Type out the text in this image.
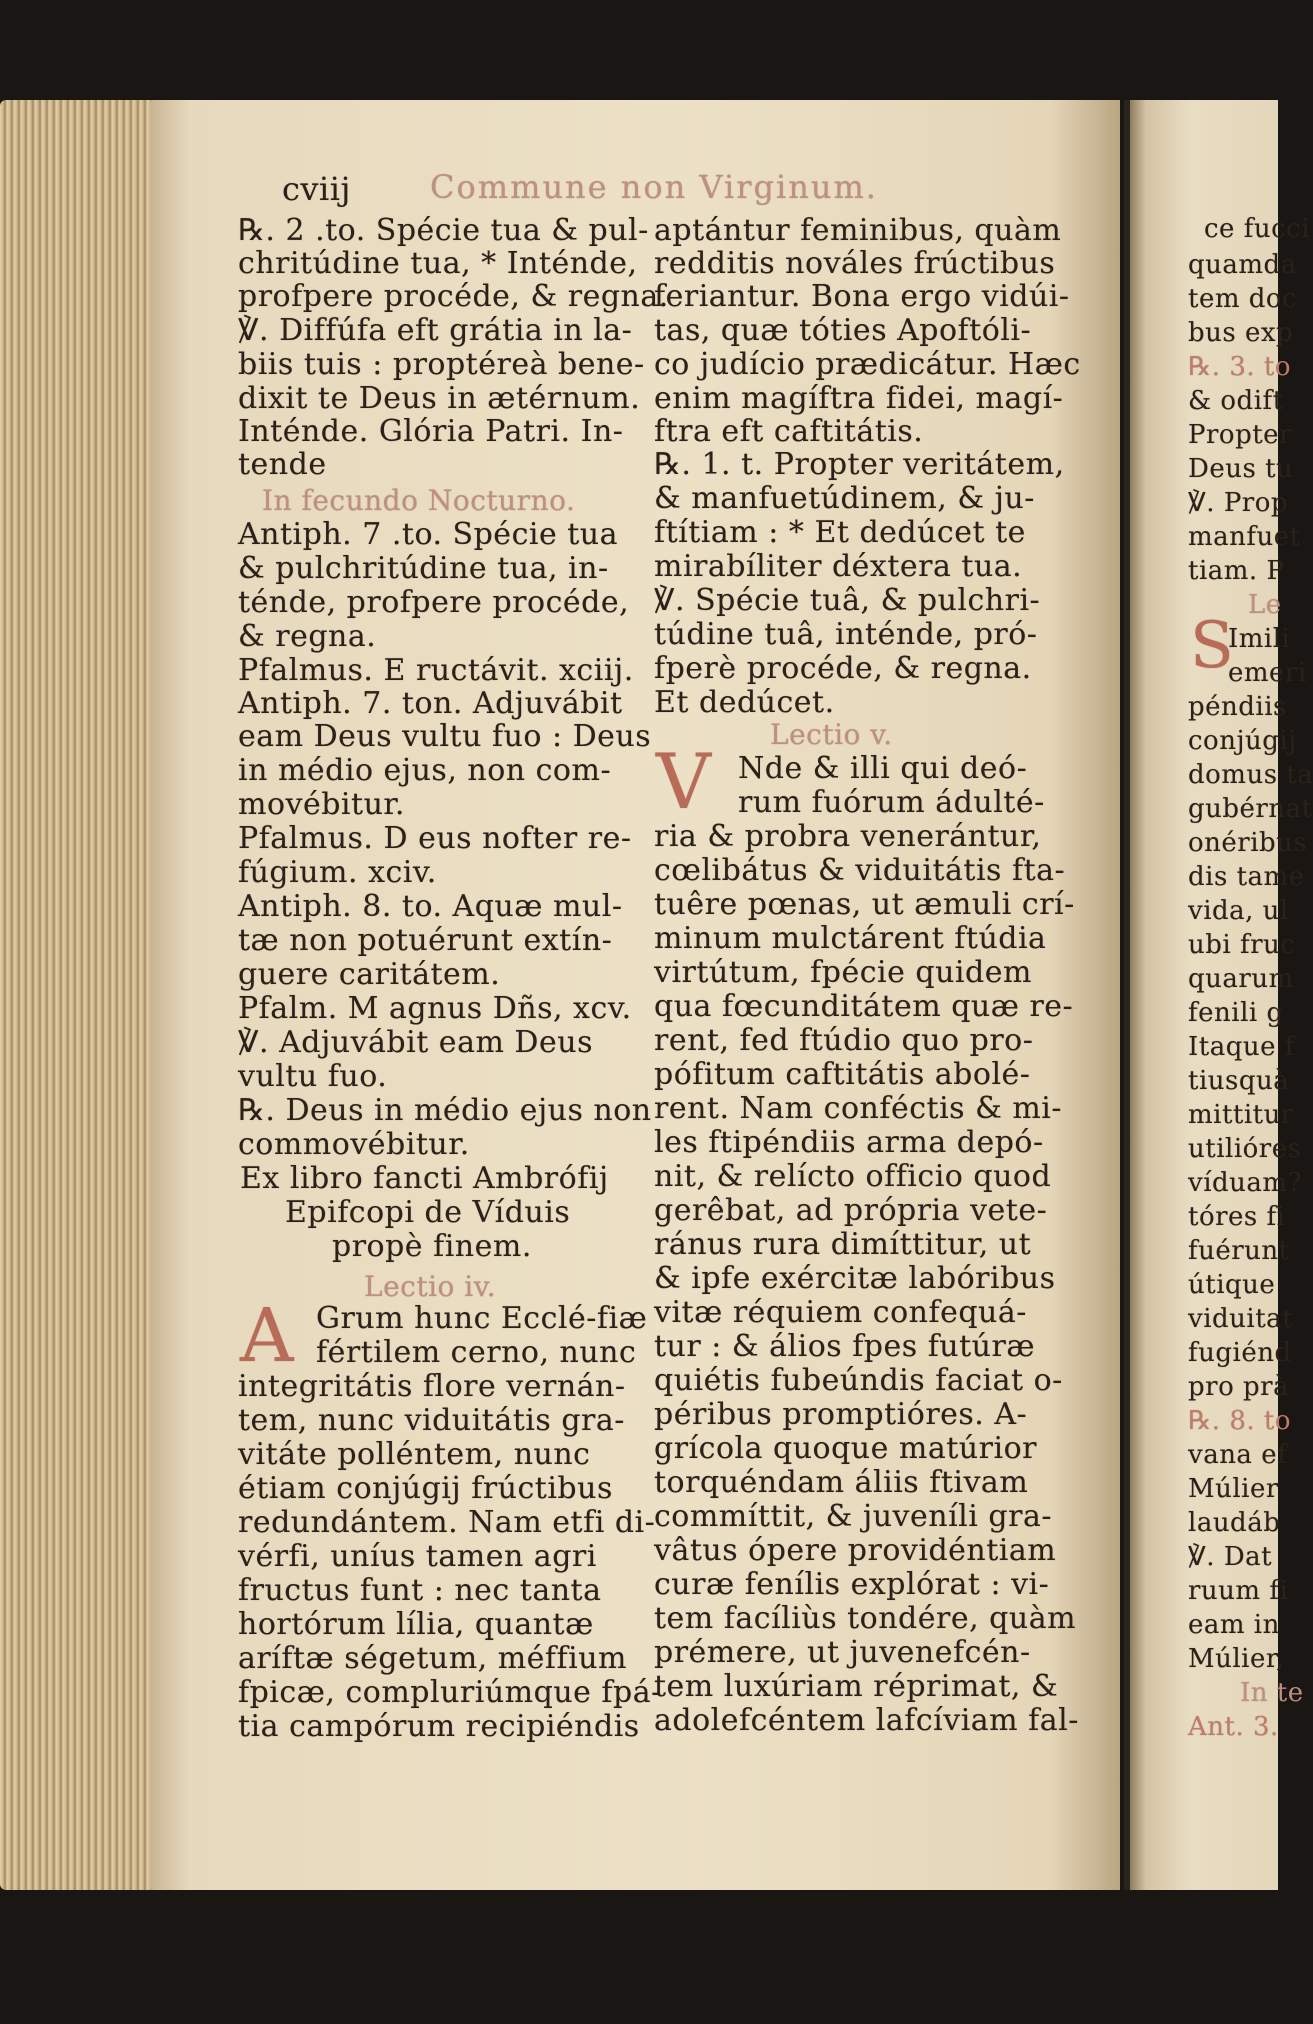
cviij Commune non Virginum.
℞. 2 .to. Spécie tua & pul-
chritúdine tua, * Inténde,
profpere procéde, & regna.
℣. Diffúfa eft grátia in la-
biis tuis : proptéreà bene-
dixit te Deus in ætérnum.
Inténde. Glória Patri. In-
tende
In fecundo Nocturno.
Antiph. 7 .to. Spécie tua
& pulchritúdine tua, in-
ténde, profpere procéde,
& regna.
Pfalmus. E ructávit. xciij.
Antiph. 7. ton. Adjuvábit
eam Deus vultu fuo : Deus
in médio ejus, non com-
movébitur.
Pfalmus. D eus nofter re-
fúgium. xciv.
Antiph. 8. to. Aquæ mul-
tæ non potuérunt extín-
guere caritátem.
Pfalm. M agnus Dñs, xcv.
℣. Adjuvábit eam Deus
vultu fuo.
℞. Deus in médio ejus non
commovébitur.
Ex libro fancti Ambrófij
Epifcopi de Víduis
propè finem.
Lectio iv.
A Grum hunc Ecclé-fiæ
fértilem cerno, nunc
integritátis flore vernán-
tem, nunc viduitátis gra-
vitáte polléntem, nunc
étiam conjúgij frúctibus
redundántem. Nam etfi di-
vérfi, uníus tamen agri
fructus funt : nec tanta
hortórum lília, quantæ
aríftæ ségetum, méffium
fpicæ, compluriúmque fpá-
tia campórum recipiéndis
aptántur feminibus, quàm
redditis nováles frúctibus
feriantur. Bona ergo vidúi-
tas, quæ tóties Apoftóli-
co judício prædicátur. Hæc
enim magíftra fidei, magí-
ftra eft caftitátis.
℞. 1. t. Propter veritátem,
& manfuetúdinem, & ju-
ftítiam : * Et dedúcet te
mirabíliter déxtera tua.
℣. Spécie tuâ, & pulchri-
túdine tuâ, inténde, pró-
fperè procéde, & regna.
Et dedúcet.
Lectio v.
V Nde & illi qui deó-
rum fuórum ádulté-
ria & probra venerántur,
cœlibátus & viduitátis fta-
tuêre pœnas, ut æmuli crí-
minum mulctárent ftúdia
virtútum, fpécie quidem
qua fœcunditátem quæ re-
rent, fed ftúdio quo pro-
pófitum caftitátis abolé-
rent. Nam conféctis & mi-
les ftipéndiis arma depó-
nit, & relícto officio quod
gerêbat, ad própria vete-
ránus rura dimíttitur, ut
& ipfe exércitæ labóribus
vitæ réquiem confequá-
tur : & álios fpes futúræ
quiétis fubeúndis faciat o-
péribus promptióres. A-
grícola quoque matúrior
torquéndam áliis ftivam
commíttit, & juveníli gra-
vâtus ópere providéntiam
curæ fenílis explórat : vi-
tem facíliùs tondére, quàm
prémere, ut juvenefcén-
tem luxúriam réprimat, &
adolefcéntem lafcíviam fal-
ce fucci
quamda
tem doc
bus exp
℞. 3. to
& odift
Propter
Deus tu
℣. Prop
manfuet
tiam. P
Le
S
Imili
emeri
péndiis
conjúgij
domus ta
gubérnat
onéribus
dis tame
vida, ul
ubi fruc
quarum
fenili g
Itaque f
tiusquà
mittitur
utilióres
víduam?
tóres fi
fuérunt
útique
viduitat
fugiénd
pro prà
℞. 8. to
vana ef
Múlier
laudáb
℣. Dat
ruum fi
eam in
Múlier,
In te
Ant. 3.
